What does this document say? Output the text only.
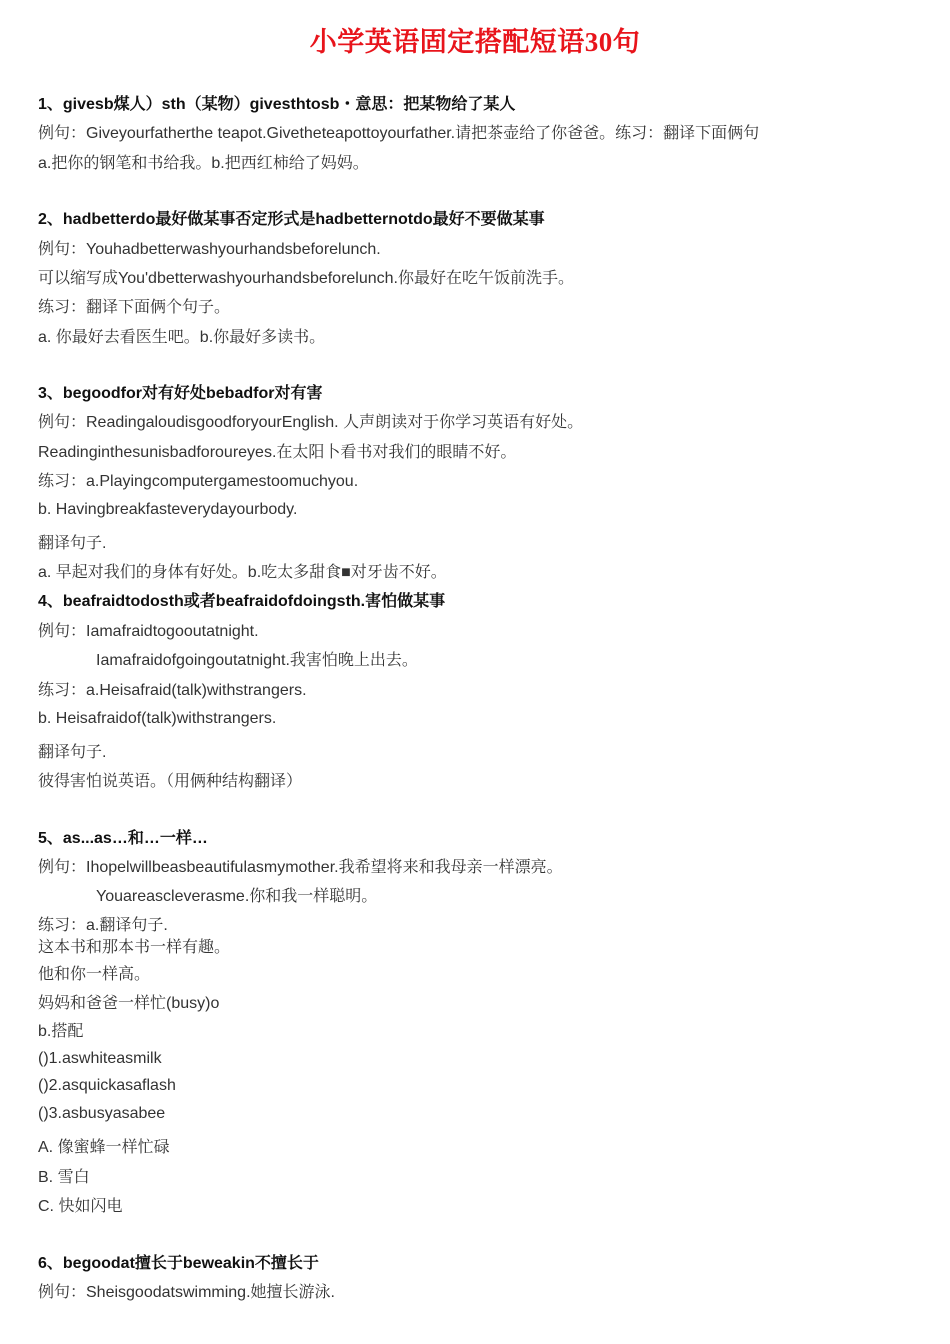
小学英语固定搭配短语30句
1、givesb煤人）sth（某物）givesthtosb・意思：把某物给了某人
例句：Giveyourfatherthe teapot.Givetheteapottoyourfather.请把茶壶给了你爸爸。练习：翻译下面俩句
a.把你的钢笔和书给我。b.把西红柿给了妈妈。
2、hadbetterdo最好做某事否定形式是hadbetternotdo最好不要做某事
例句：Youhadbetterwashyourhandsbeforelunch.
可以缩写成You'dbetterwashyourhandsbeforelunch.你最好在吃午饭前洗手。
练习：翻译下面俩个句子。
a. 你最好去看医生吧。b.你最好多读书。
3、begoodfor对有好处bebadfor对有害
例句：ReadingaloudisgoodforyourEnglish. 人声朗读对于你学习英语有好处。
Readinginthesunisbadforoureyes.在太阳卜看书对我们的眼睛不好。
练习：a.Playingcomputergamestoomuchyou.
b. Havingbreakfasteverydayourbody.
翻译句子.
a. 早起对我们的身体有好处。b.吃太多甜食■对牙齿不好。
4、beafraidtodosth或者beafraidofdoingsth.害怕做某事
例句：Iamafraidtogooutatnight.
Iamafraidofgoingoutatnight.我害怕晚上出去。
练习：a.Heisafraid(talk)withstrangers.
b. Heisafraidof(talk)withstrangers.
翻译句子.
彼得害怕说英语。（用俩种结构翻译）
5、as...as…和…一样…
例句：Ihopelwillbeasbeautifulasmymother.我希望将来和我母亲一样漂亮。
Youareascleverasme.你和我一样聪明。
练习：a.翻译句子.
这本书和那本书一样有趣。
他和你一样高。
妈妈和爸爸一样忙(busy)o
b.搭配
()1.aswhiteasmilk
()2.asquickasaflash
()3.asbusyasabee
A. 像蜜蜂一样忙碌
B. 雪白
C. 快如闪电
6、begoodat擅长于beweakin不擅长于
例句：Sheisgoodatswimming.她擅长游泳.
